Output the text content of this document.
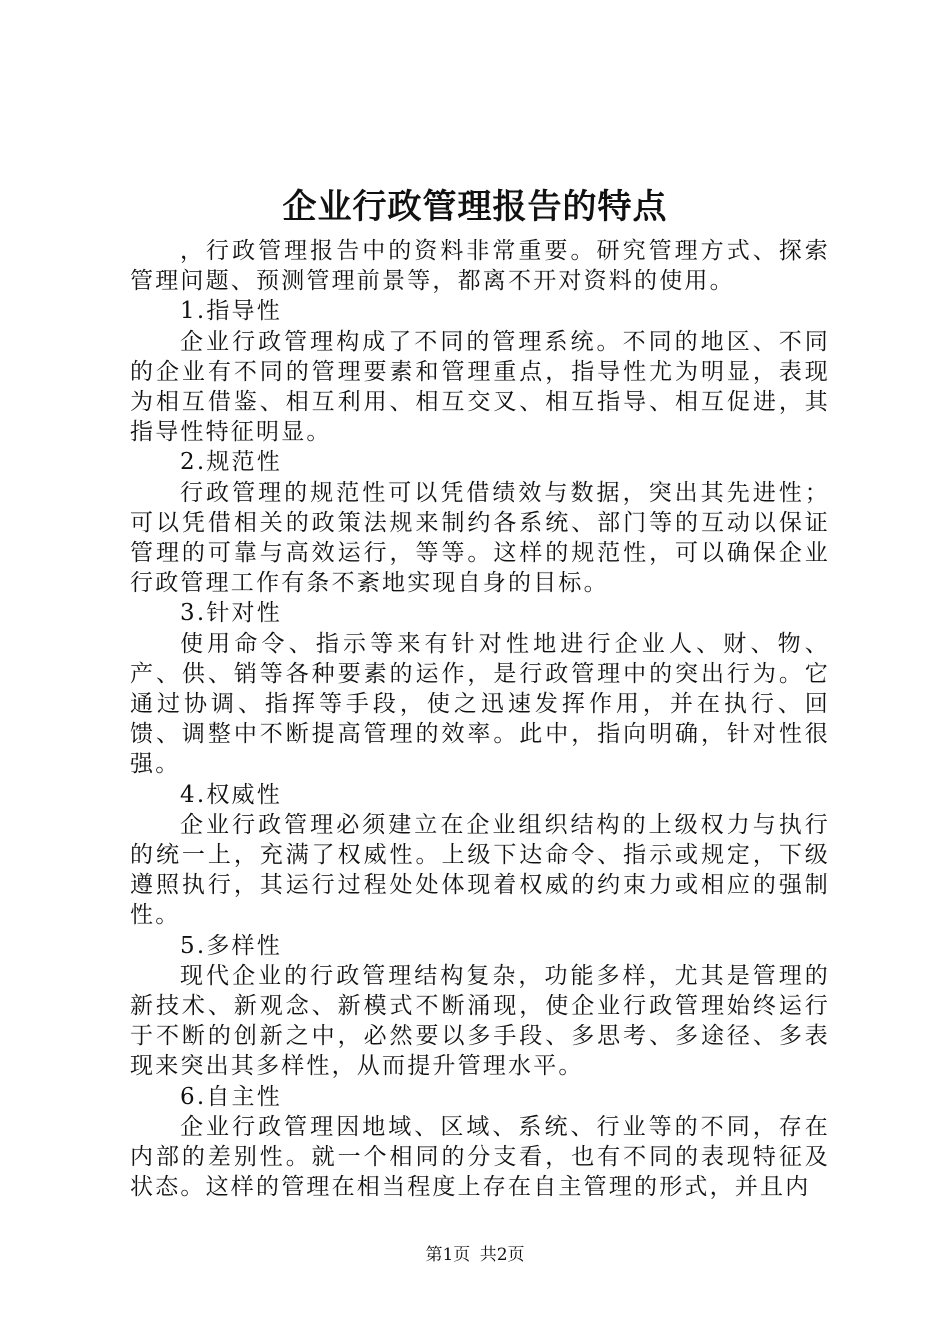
企业行政管理报告的特点

，行政管理报告中的资料非常重要。研究管理方式、探索管理问题、预测管理前景等，都离不开对资料的使用。

1.指导性

企业行政管理构成了不同的管理系统。不同的地区、不同的企业有不同的管理要素和管理重点，指导性尤为明显，表现为相互借鉴、相互利用、相互交叉、相互指导、相互促进，其指导性特征明显。

2.规范性

行政管理的规范性可以凭借绩效与数据，突出其先进性；可以凭借相关的政策法规来制约各系统、部门等的互动以保证管理的可靠与高效运行，等等。这样的规范性，可以确保企业行政管理工作有条不紊地实现自身的目标。

3.针对性

使用命令、指示等来有针对性地进行企业人、财、物、产、供、销等各种要素的运作，是行政管理中的突出行为。它通过协调、指挥等手段，使之迅速发挥作用，并在执行、回馈、调整中不断提高管理的效率。此中，指向明确，针对性很强。

4.权威性

企业行政管理必须建立在企业组织结构的上级权力与执行的统一上，充满了权威性。上级下达命令、指示或规定，下级遵照执行，其运行过程处处体现着权威的约束力或相应的强制性。

5.多样性

现代企业的行政管理结构复杂，功能多样，尤其是管理的新技术、新观念、新模式不断涌现，使企业行政管理始终运行于不断的创新之中，必然要以多手段、多思考、多途径、多表现来突出其多样性，从而提升管理水平。

6.自主性

企业行政管理因地域、区域、系统、行业等的不同，存在内部的差别性。就一个相同的分支看，也有不同的表现特征及状态。这样的管理在相当程度上存在自主管理的形式，并且内

第1页 共2页
